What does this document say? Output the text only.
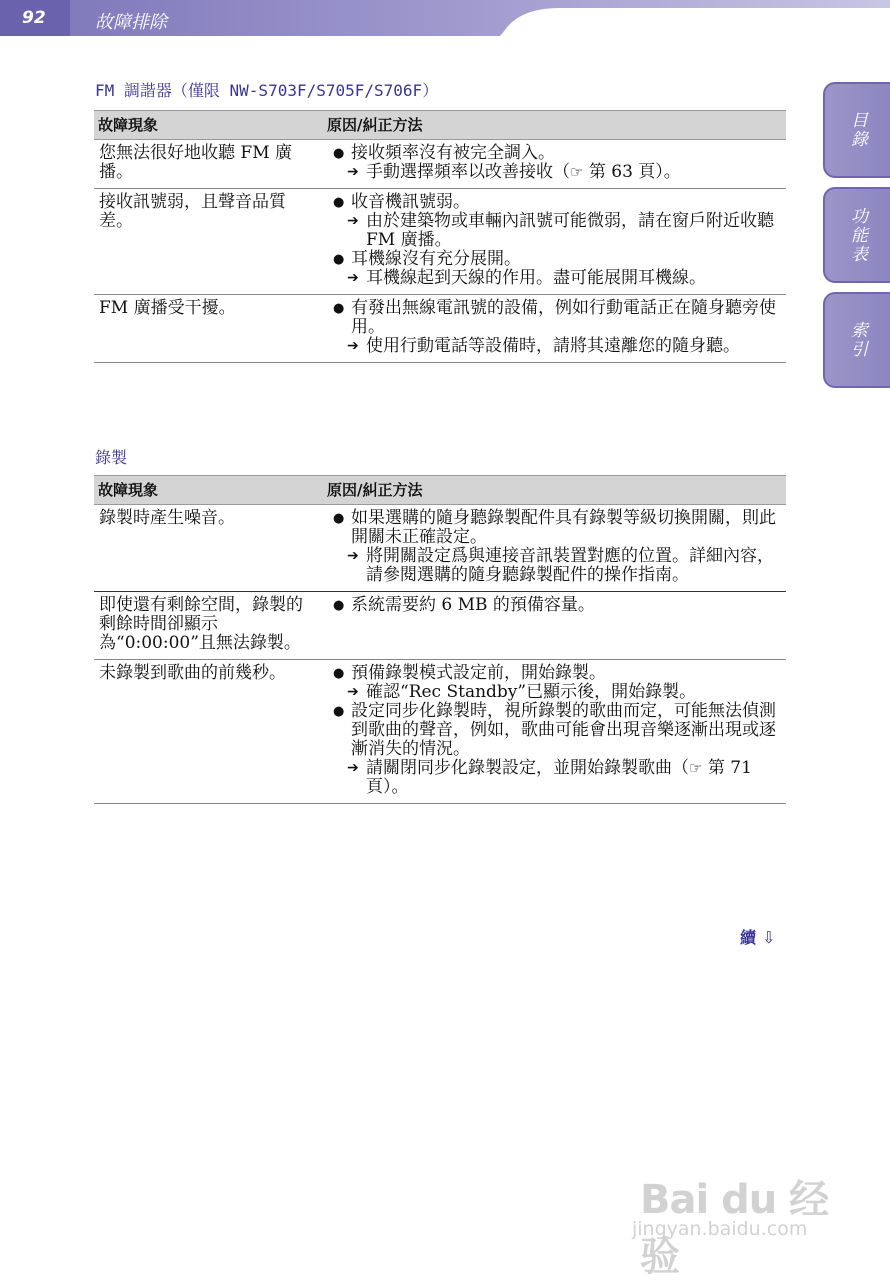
92	故障排除
目錄
功能表
索引
FM 調諧器（僅限 NW-S703F/S705F/S706F）
故障現象	原因/糾正方法
您無法很好地收聽 FM 廣播。	● 接收頻率沒有被完全調入。
➔ 手動選擇頻率以改善接收（☞ 第 63 頁）。

接收訊號弱，且聲音品質差。	● 收音機訊號弱。
➔ 由於建築物或車輛內訊號可能微弱，請在窗戶附近收聽 FM 廣播。
● 耳機線沒有充分展開。
➔ 耳機線起到天線的作用。盡可能展開耳機線。

FM 廣播受干擾。	● 有發出無線電訊號的設備，例如行動電話正在隨身聽旁使用。
➔ 使用行動電話等設備時，請將其遠離您的隨身聽。
錄製
故障現象	原因/糾正方法
錄製時產生噪音。	● 如果選購的隨身聽錄製配件具有錄製等級切換開關，則此開關未正確設定。
➔ 將開關設定爲與連接音訊裝置對應的位置。詳細內容，請參閱選購的隨身聽錄製配件的操作指南。

即使還有剩餘空間，錄製的剩餘時間卻顯示為“0:00:00”且無法錄製。	● 系統需要約 6 MB 的預備容量。

未錄製到歌曲的前幾秒。	● 預備錄製模式設定前，開始錄製。
➔ 確認“Rec Standby”已顯示後，開始錄製。
● 設定同步化錄製時，視所錄製的歌曲而定，可能無法偵測到歌曲的聲音，例如，歌曲可能會出現音樂逐漸出現或逐漸消失的情況。
➔ 請關閉同步化錄製設定，並開始錄製歌曲（☞ 第 71 頁）。
續 ⇩
Bai du 经验
jingyan.baidu.com
